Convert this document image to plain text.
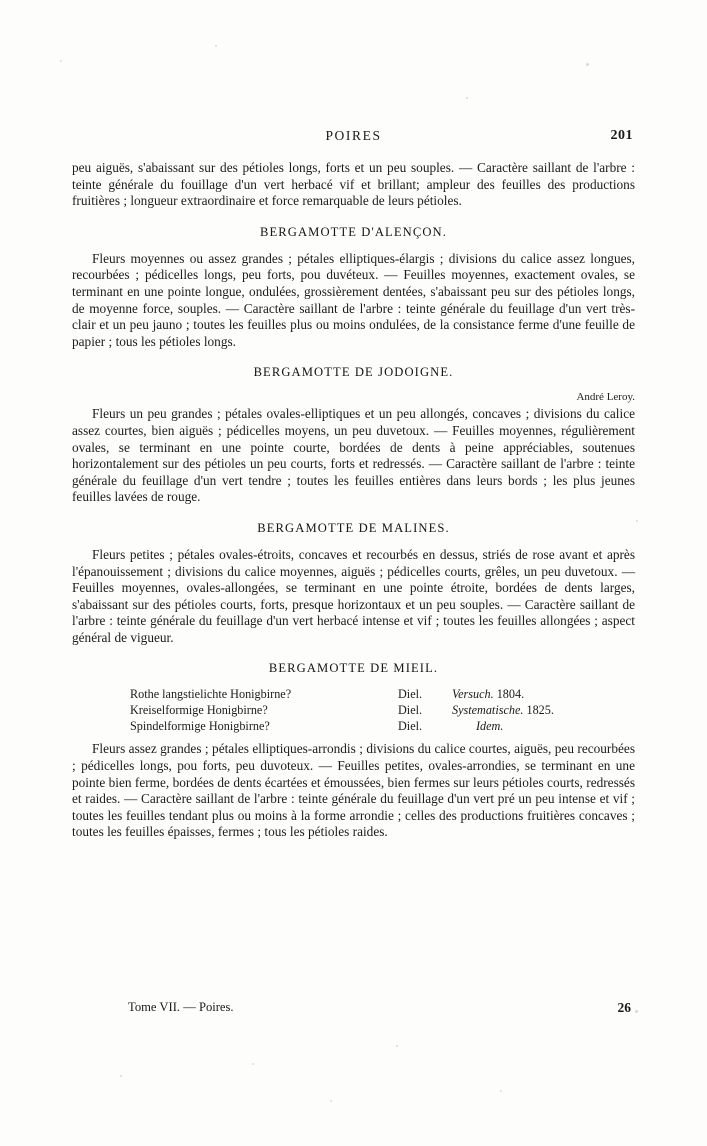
POIRES	201

peu aiguës, s'abaissant sur des pétioles longs, forts et un peu souples. — Caractère saillant de l'arbre : teinte générale du fouillage d'un vert herbacé vif et brillant; ampleur des feuilles des productions fruitières ; longueur extraordinaire et force remarquable de leurs pétioles.

BERGAMOTTE D'ALENÇON.

Fleurs moyennes ou assez grandes ; pétales elliptiques-élargis ; divisions du calice assez longues, recourbées ; pédicelles longs, peu forts, pou duvéteux. — Feuilles moyennes, exactement ovales, se terminant en une pointe longue, ondulées, grossièrement dentées, s'abaissant peu sur des pétioles longs, de moyenne force, souples. — Caractère saillant de l'arbre : teinte générale du feuillage d'un vert très-clair et un peu jauno ; toutes les feuilles plus ou moins ondulées, de la consistance ferme d'une feuille de papier ; tous les pétioles longs.

BERGAMOTTE DE JODOIGNE.
André Leroy.

Fleurs un peu grandes ; pétales ovales-elliptiques et un peu allongés, concaves ; divisions du calice assez courtes, bien aiguës ; pédicelles moyens, un peu duvetoux. — Feuilles moyennes, régulièrement ovales, se terminant en une pointe courte, bordées de dents à peine appréciables, soutenues horizontalement sur des pétioles un peu courts, forts et redressés. — Caractère saillant de l'arbre : teinte générale du feuillage d'un vert tendre ; toutes les feuilles entières dans leurs bords ; les plus jeunes feuilles lavées de rouge.

BERGAMOTTE DE MALINES.

Fleurs petites ; pétales ovales-étroits, concaves et recourbés en dessus, striés de rose avant et après l'épanouissement ; divisions du calice moyennes, aiguës ; pédicelles courts, grêles, un peu duvetoux. — Feuilles moyennes, ovales-allongées, se terminant en une pointe étroite, bordées de dents larges, s'abaissant sur des pétioles courts, forts, presque horizontaux et un peu souples. — Caractère saillant de l'arbre : teinte générale du feuillage d'un vert herbacé intense et vif ; toutes les feuilles allongées ; aspect général de vigueur.

BERGAMOTTE DE MIEIL.
Rothe langstielichte Honigbirne?	Diel.	Versuch. 1804.
Kreiselformige Honigbirne?	Diel.	Systematische. 1825.
Spindelformige Honigbirne?	Diel.	Idem.

Fleurs assez grandes ; pétales elliptiques-arrondis ; divisions du calice courtes, aiguës, peu recourbées ; pédicelles longs, pou forts, peu duvoteux. — Feuilles petites, ovales-arrondies, se terminant en une pointe bien ferme, bordées de dents écartées et émoussées, bien fermes sur leurs pétioles courts, redressés et raides. — Caractère saillant de l'arbre : teinte générale du feuillage d'un vert pré un peu intense et vif ; toutes les feuilles tendant plus ou moins à la forme arrondie ; celles des productions fruitières concaves ; toutes les feuilles épaisses, fermes ; tous les pétioles raides.

Tome VII. — Poires.	26
